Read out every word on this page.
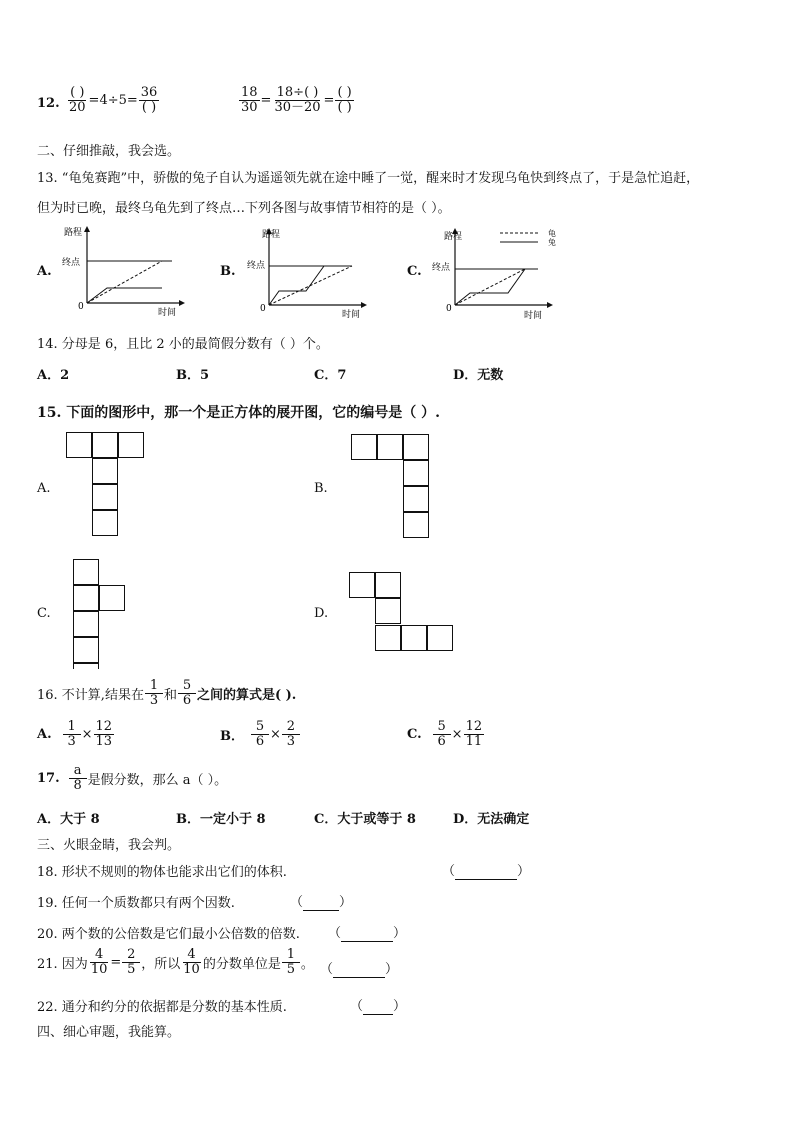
12. $\frac{( )}{20} =4\div 5= \frac{36}{( )}$	$\frac{18}{30} = \frac{18\div( )}{30-20} = \frac{( )}{( )}$
二、仔细推敲，我会选。
13. “龟兔赛跑”中，骄傲的兔子自认为遥遥领先就在途中睡了一觉，醒来时才发现乌龟快到终点了，于是急忙追赶，
但为时已晚，最终乌龟先到了终点…下列各图与故事情节相符的是（ ）。
A.
路程
时间
终点
0
B.
路程
时间
终点
0
C.
路程
时间
终点
0
龟
兔
14. 分母是 6，且比 2 小的最简假分数有（ ）个。
A．2	B．5	C．7	D．无数
15. 下面的图形中，那一个是正方体的展开图，它的编号是（ ）.
A.	B.
C.	D.
16. 不计算,结果在 $\frac{1}{3}$ 和 $\frac{5}{6}$ 之间的算式是( ).
A. $\frac{1}{3} \times \frac{12}{13}$	B． $\frac{5}{6} \times \frac{2}{3}$	C. $\frac{5}{6} \times \frac{12}{11}$
17. $\frac{a}{8}$ 是假分数，那么 a（ ）。
A．大于 8	B．一定小于 8	C．大于或等于 8	D．无法确定
三、火眼金睛，我会判。
18. 形状不规则的物体也能求出它们的体积.	（	）
19. 任何一个质数都只有两个因数.	（	）
20. 两个数的公倍数是它们最小公倍数的倍数. （	）
21. 因为 $\frac{4}{10} = \frac{2}{5}$ ，所以 $\frac{4}{10}$ 的分数单位是 $\frac{1}{5}$ 。 （	）
22. 通分和约分的依据都是分数的基本性质.	（ ）
四、细心审题，我能算。
